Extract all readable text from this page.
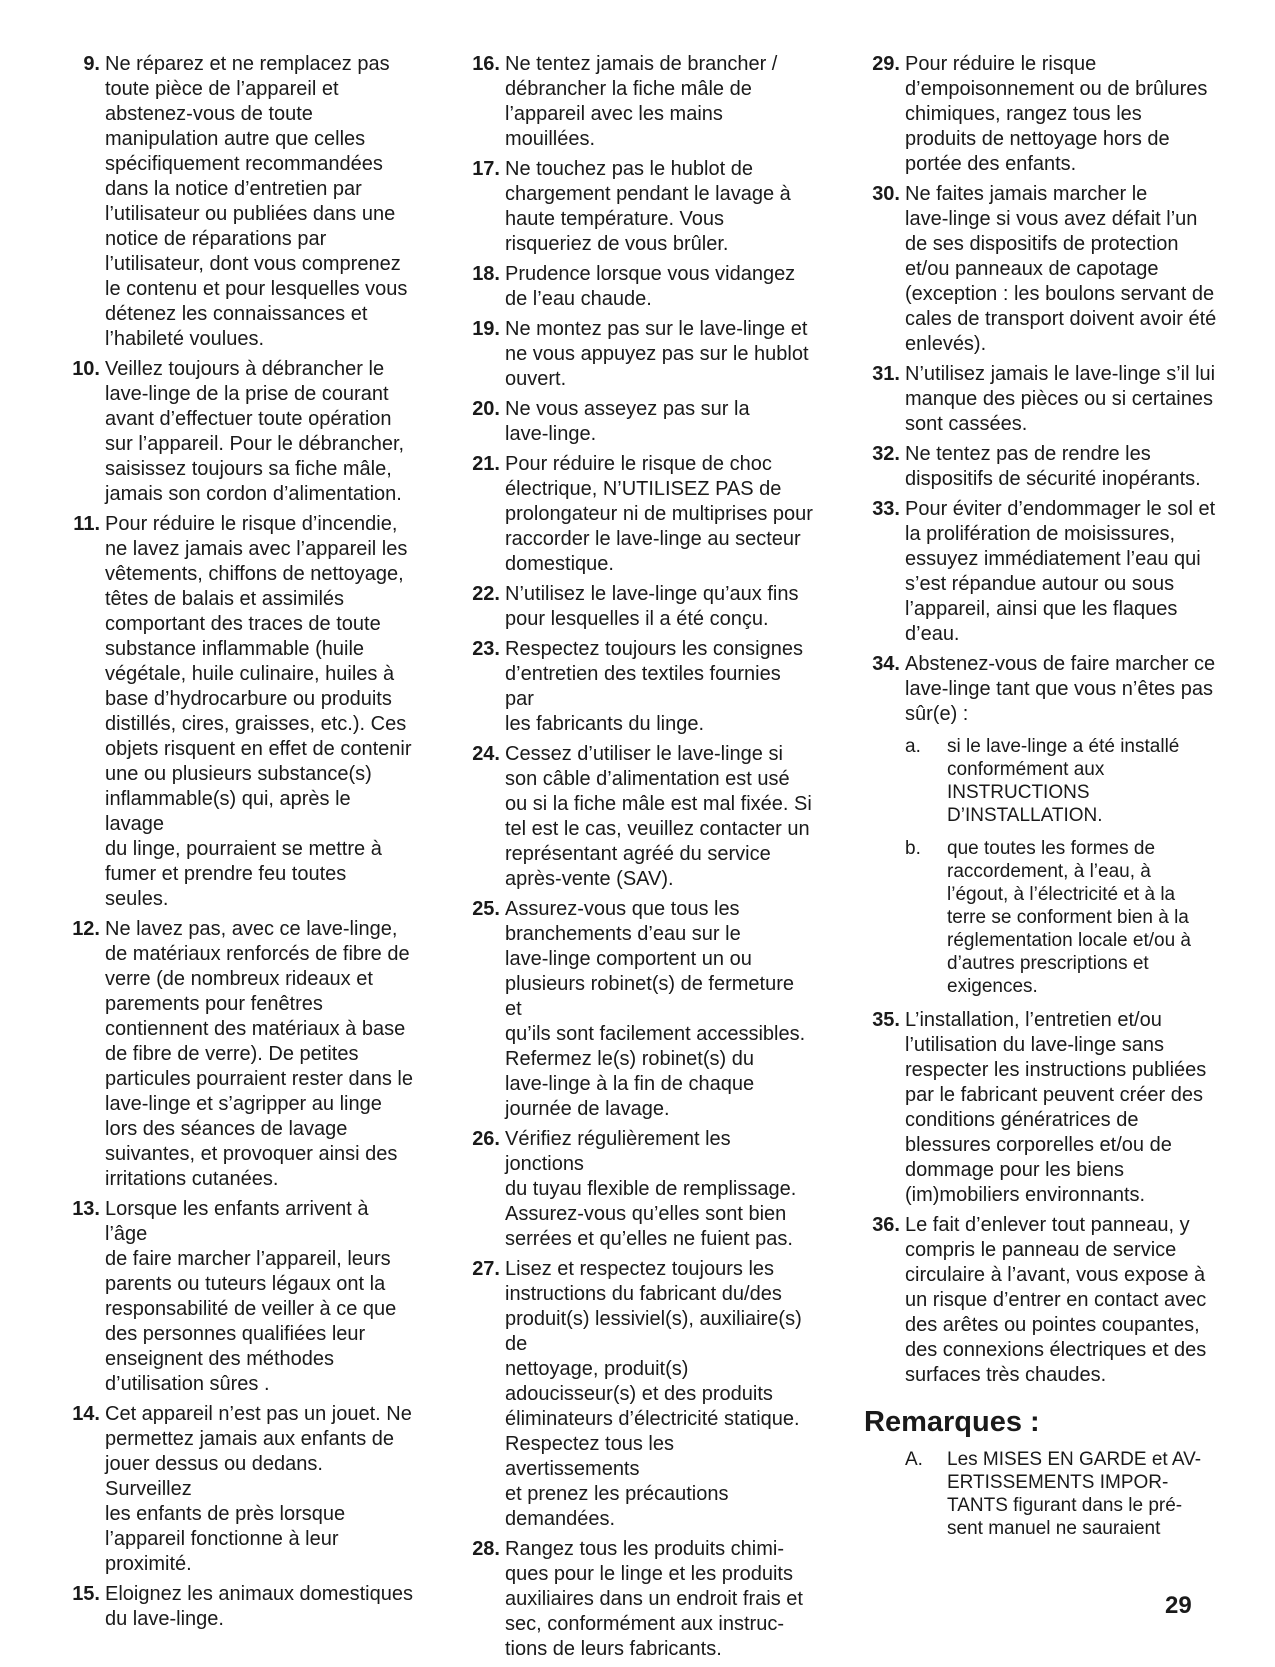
9. Ne réparez et ne remplacez pas
toute pièce de l’appareil et
abstenez-vous de toute
manipulation autre que celles
spécifiquement recommandées
dans la notice d’entretien par
l’utilisateur ou publiées dans une
notice de réparations par
l’utilisateur, dont vous comprenez
le contenu et pour lesquelles vous
détenez les connaissances et
l’habileté voulues.
10. Veillez toujours à débrancher le
lave-linge de la prise de courant
avant d’effectuer toute opération
sur l’appareil. Pour le débrancher,
saisissez toujours sa fiche mâle,
jamais son cordon d’alimentation.
11. Pour réduire le risque d’incendie,
ne lavez jamais avec l’appareil les
vêtements, chiffons de nettoyage,
têtes de balais et assimilés
comportant des traces de toute
substance inflammable (huile
végétale, huile culinaire, huiles à
base d’hydrocarbure ou produits
distillés, cires, graisses, etc.). Ces
objets risquent en effet de contenir
une ou plusieurs substance(s)
inflammable(s) qui, après le lavage
du linge, pourraient se mettre à
fumer et prendre feu toutes seules.
12. Ne lavez pas, avec ce lave-linge,
de matériaux renforcés de fibre de
verre (de nombreux rideaux et
parements pour fenêtres
contiennent des matériaux à base
de fibre de verre). De petites
particules pourraient rester dans le
lave-linge et s’agripper au linge
lors des séances de lavage
suivantes, et provoquer ainsi des
irritations cutanées.
13. Lorsque les enfants arrivent à l’âge
de faire marcher l’appareil, leurs
parents ou tuteurs légaux ont la
responsabilité de veiller à ce que
des personnes qualifiées leur
enseignent des méthodes
d’utilisation sûres .
14. Cet appareil n’est pas un jouet. Ne
permettez jamais aux enfants de
jouer dessus ou dedans. Surveillez
les enfants de près lorsque
l’appareil fonctionne à leur
proximité.
15. Eloignez les animaux domestiques
du lave-linge.
16. Ne tentez jamais de brancher /
débrancher la fiche mâle de
l’appareil avec les mains
mouillées.
17. Ne touchez pas le hublot de
chargement pendant le lavage à
haute température. Vous
risqueriez de vous brûler.
18. Prudence lorsque vous vidangez
de l’eau chaude.
19. Ne montez pas sur le lave-linge et
ne vous appuyez pas sur le hublot
ouvert.
20. Ne vous asseyez pas sur la
lave-linge.
21. Pour réduire le risque de choc
électrique, N’UTILISEZ PAS de
prolongateur ni de multiprises pour
raccorder le lave-linge au secteur
domestique.
22. N’utilisez le lave-linge qu’aux fins
pour lesquelles il a été conçu.
23. Respectez toujours les consignes
d’entretien des textiles fournies par
les fabricants du linge.
24. Cessez d’utiliser le lave-linge si
son câble d’alimentation est usé
ou si la fiche mâle est mal fixée. Si
tel est le cas, veuillez contacter un
représentant agréé du service
après-vente (SAV).
25. Assurez-vous que tous les
branchements d’eau sur le
lave-linge comportent un ou
plusieurs robinet(s) de fermeture et
qu’ils sont facilement accessibles.
Refermez le(s) robinet(s) du
lave-linge à la fin de chaque
journée de lavage.
26. Vérifiez régulièrement les jonctions
du tuyau flexible de remplissage.
Assurez-vous qu’elles sont bien
serrées et qu’elles ne fuient pas.
27. Lisez et respectez toujours les
instructions du fabricant du/des
produit(s) lessiviel(s), auxiliaire(s) de
nettoyage, produit(s)
adoucisseur(s) et des produits
éliminateurs d’électricité statique.
Respectez tous les avertissements
et prenez les précautions
demandées.
28. Rangez tous les produits chimi-
ques pour le linge et les produits
auxiliaires dans un endroit frais et
sec, conformément aux instruc-
tions de leurs fabricants.
29. Pour réduire le risque
d’empoisonnement ou de brûlures
chimiques, rangez tous les
produits de nettoyage hors de
portée des enfants.
30. Ne faites jamais marcher le
lave-linge si vous avez défait l’un
de ses dispositifs de protection
et/ou panneaux de capotage
(exception : les boulons servant de
cales de transport doivent avoir été
enlevés).
31. N’utilisez jamais le lave-linge s’il lui
manque des pièces ou si certaines
sont cassées.
32. Ne tentez pas de rendre les
dispositifs de sécurité inopérants.
33. Pour éviter d’endommager le sol et
la prolifération de moisissures,
essuyez immédiatement l’eau qui
s’est répandue autour ou sous
l’appareil, ainsi que les flaques
d’eau.
34. Abstenez-vous de faire marcher ce
lave-linge tant que vous n’êtes pas
sûr(e) :
a.	si le lave-linge a été installé
conformément aux
INSTRUCTIONS
D’INSTALLATION.
b.	que toutes les formes de
raccordement, à l’eau, à
l’égout, à l’électricité et à la
terre se conforment bien à la
réglementation locale et/ou à
d’autres prescriptions et
exigences.
35. L’installation, l’entretien et/ou
l’utilisation du lave-linge sans
respecter les instructions publiées
par le fabricant peuvent créer des
conditions génératrices de
blessures corporelles et/ou de
dommage pour les biens
(im)mobiliers environnants.
36. Le fait d’enlever tout panneau, y
compris le panneau de service
circulaire à l’avant, vous expose à
un risque d’entrer en contact avec
des arêtes ou pointes coupantes,
des connexions électriques et des
surfaces très chaudes.
Remarques :
A.	Les MISES EN GARDE et AV-
ERTISSEMENTS IMPOR-
TANTS figurant dans le pré-
sent manuel ne sauraient
29
